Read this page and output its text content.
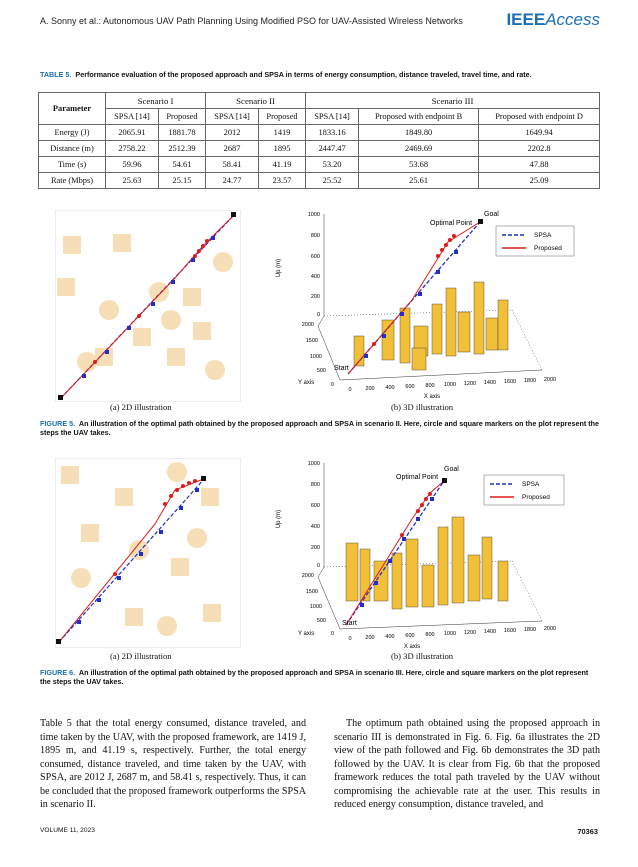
A. Sonny et al.: Autonomous UAV Path Planning Using Modified PSO for UAV-Assisted Wireless Networks	IEEEAccess
TABLE 5. Performance evaluation of the proposed approach and SPSA in terms of energy consumption, distance traveled, travel time, and rate.
Parameter	Scenario I		Scenario II		Scenario III		
	SPSA [14]	Proposed	SPSA [14]	Proposed	SPSA [14]	Proposed with endpoint B	Proposed with endpoint D
Energy (J)	2065.91	1881.78	2012	1419	1833.16	1849.80	1649.94
Distance (m)	2758.22	2512.39	2687	1895	2447.47	2469.69	2202.8
Time (s)	59.96	54.61	58.41	41.19	53.20	53.68	47.88
Rate (Mbps)	25.63	25.15	24.77	23.57	25.52	25.61	25.09
Up (m)
1000
800
600
400
200
0
2000
1500
1000
500
0
Y axis
0	200 400 600 800 1000 1200 1400 1600 1800 2000
X axis
Optimal Point
Goal
Start
SPSA
Proposed
(a) 2D illustration	(b) 3D illustration
FIGURE 5. An illustration of the optimal path obtained by the proposed approach and SPSA in scenario II. Here, circle and square markers on the plot represent the steps the UAV takes.
Up (m)
1000
800
600
400
200
0
2000
1500
1000
500
0
Y axis
0	200 400 600 800 1000 1200 1400 1600 1800 2000
X axis
Optimal Point
Goal
Start
SPSA
Proposed
(a) 2D illustration	(b) 3D illustration
FIGURE 6. An illustration of the optimal path obtained by the proposed approach and SPSA in scenario III. Here, circle and square markers on the plot represent the steps the UAV takes.
Table 5 that the total energy consumed, distance traveled, and time taken by the UAV, with the proposed framework, are 1419 J, 1895 m, and 41.19 s, respectively. Further, the total energy consumed, distance traveled, and time taken by the UAV, with SPSA, are 2012 J, 2687 m, and 58.41 s, respectively. Thus, it can be concluded that the proposed framework outperforms the SPSA in scenario II.
The optimum path obtained using the proposed approach in scenario III is demonstrated in Fig. 6. Fig. 6a illustrates the 2D view of the path followed and Fig. 6b demonstrates the 3D path followed by the UAV. It is clear from Fig. 6b that the proposed framework reduces the total path traveled by the UAV without compromising the achievable rate at the user. This results in reduced energy consumption, distance traveled, and
VOLUME 11, 2023	70363
